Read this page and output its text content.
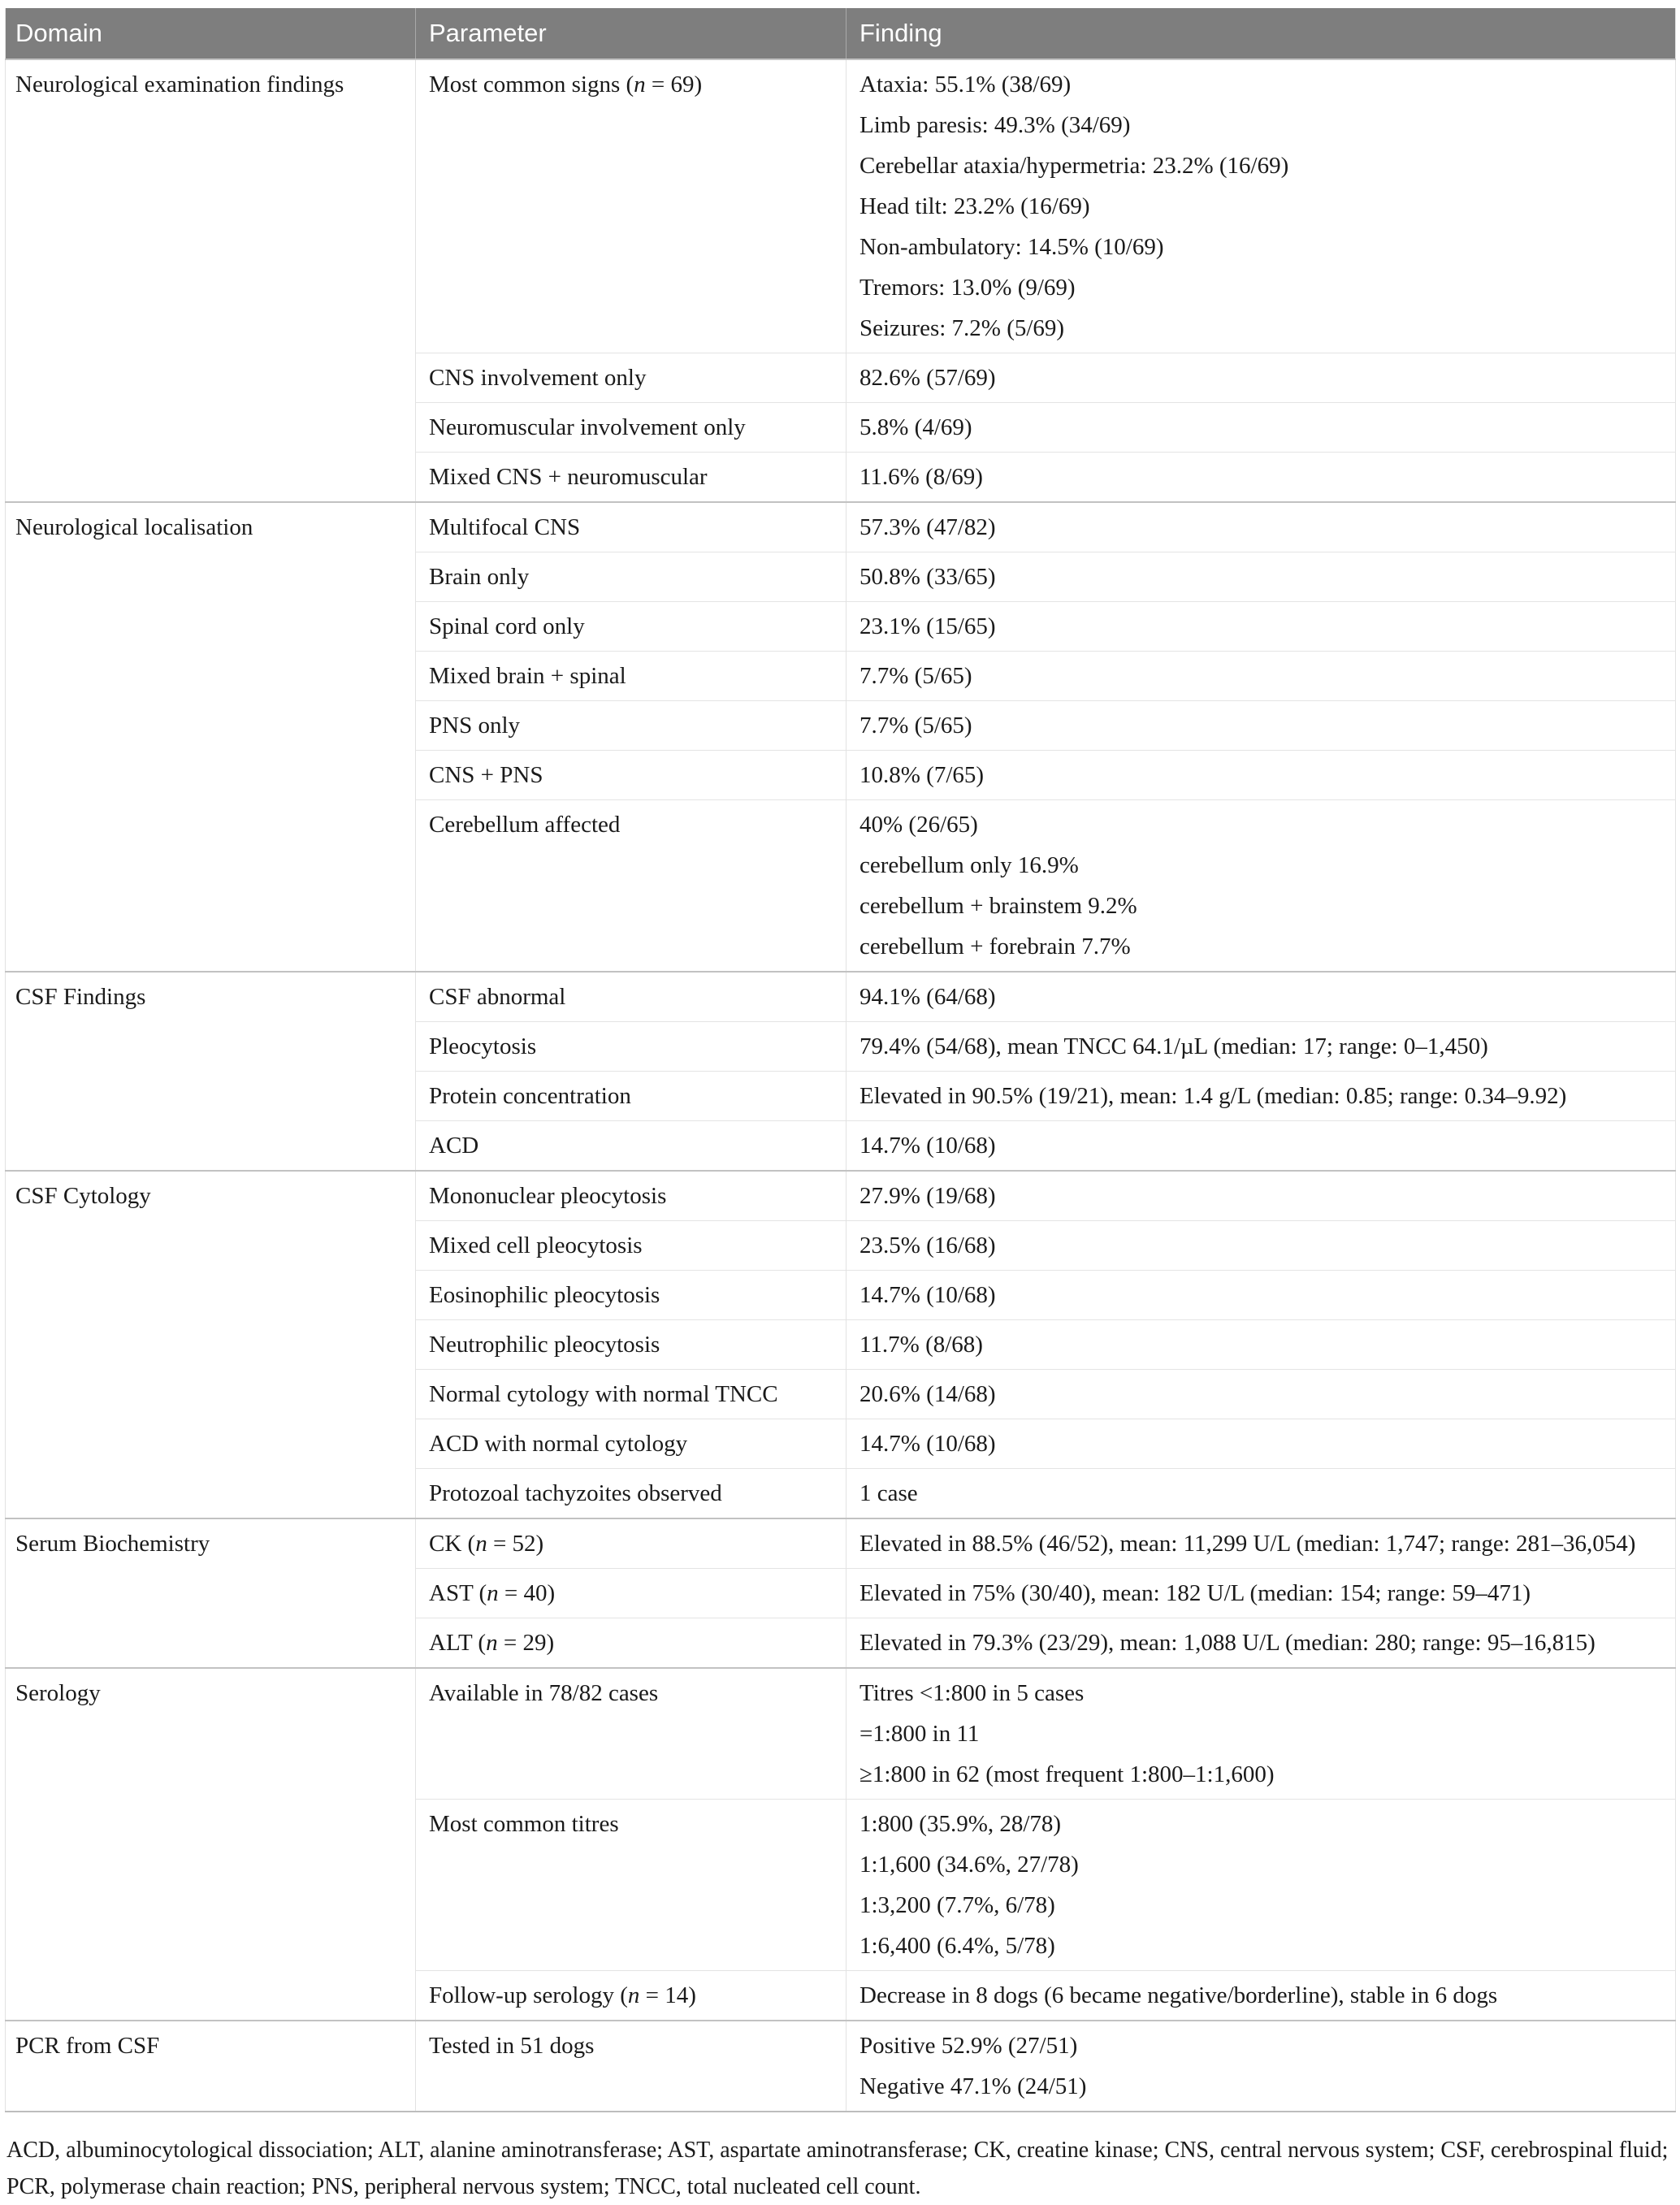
Domain	Parameter	Finding
Neurological examination findings	Most common signs (n = 69)	Ataxia: 55.1% (38/69)
Limb paresis: 49.3% (34/69)
Cerebellar ataxia/hypermetria: 23.2% (16/69)
Head tilt: 23.2% (16/69)
Non-ambulatory: 14.5% (10/69)
Tremors: 13.0% (9/69)
Seizures: 7.2% (5/69)

	CNS involvement only	82.6% (57/69)

	Neuromuscular involvement only	5.8% (4/69)

	Mixed CNS + neuromuscular	11.6% (8/69)

Neurological localisation	Multifocal CNS	57.3% (47/82)

	Brain only	50.8% (33/65)

	Spinal cord only	23.1% (15/65)

	Mixed brain + spinal	7.7% (5/65)

	PNS only	7.7% (5/65)

	CNS + PNS	10.8% (7/65)

	Cerebellum affected	40% (26/65)
cerebellum only 16.9%
cerebellum + brainstem 9.2%
cerebellum + forebrain 7.7%

CSF Findings	CSF abnormal	94.1% (64/68)

	Pleocytosis	79.4% (54/68), mean TNCC 64.1/µL (median: 17; range: 0–1,450)

	Protein concentration	Elevated in 90.5% (19/21), mean: 1.4 g/L (median: 0.85; range: 0.34–9.92)

	ACD	14.7% (10/68)

CSF Cytology	Mononuclear pleocytosis	27.9% (19/68)

	Mixed cell pleocytosis	23.5% (16/68)

	Eosinophilic pleocytosis	14.7% (10/68)

	Neutrophilic pleocytosis	11.7% (8/68)

	Normal cytology with normal TNCC	20.6% (14/68)

	ACD with normal cytology	14.7% (10/68)

	Protozoal tachyzoites observed	1 case

Serum Biochemistry	CK (n = 52)	Elevated in 88.5% (46/52), mean: 11,299 U/L (median: 1,747; range: 281–36,054)

	AST (n = 40)	Elevated in 75% (30/40), mean: 182 U/L (median: 154; range: 59–471)

	ALT (n = 29)	Elevated in 79.3% (23/29), mean: 1,088 U/L (median: 280; range: 95–16,815)

Serology	Available in 78/82 cases	Titres <1:800 in 5 cases
=1:800 in 11
≥1:800 in 62 (most frequent 1:800–1:1,600)

	Most common titres	1:800 (35.9%, 28/78)
1:1,600 (34.6%, 27/78)
1:3,200 (7.7%, 6/78)
1:6,400 (6.4%, 5/78)

	Follow-up serology (n = 14)	Decrease in 8 dogs (6 became negative/borderline), stable in 6 dogs

PCR from CSF	Tested in 51 dogs	Positive 52.9% (27/51)
Negative 47.1% (24/51)
ACD, albuminocytological dissociation; ALT, alanine aminotransferase; AST, aspartate aminotransferase; CK, creatine kinase; CNS, central nervous system; CSF, cerebrospinal fluid; PCR, polymerase chain reaction; PNS, peripheral nervous system; TNCC, total nucleated cell count.
